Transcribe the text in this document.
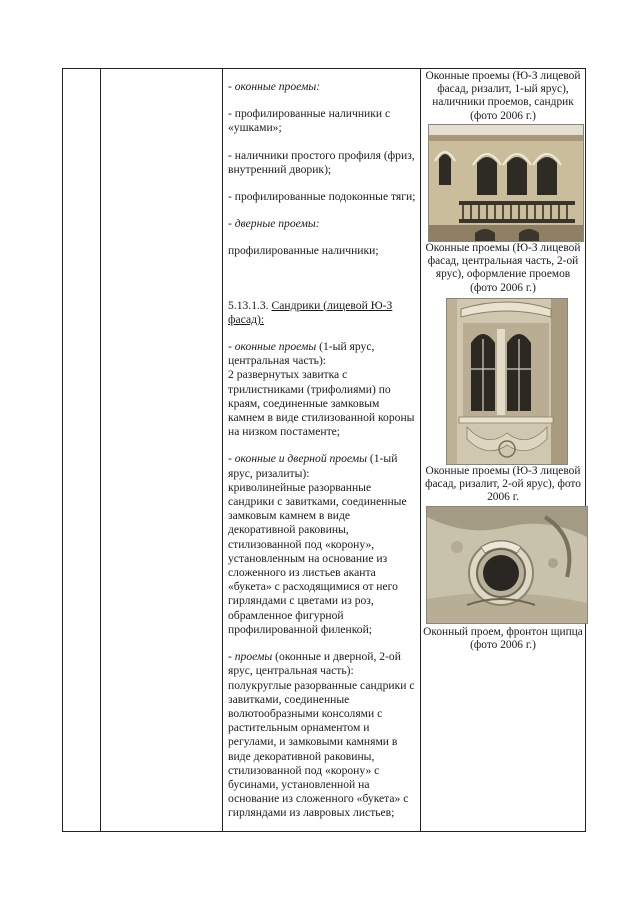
- оконные проемы:

- профилированные наличники с «ушками»;

- наличники простого профиля (фриз, внутренний дворик);

- профилированные подоконные тяги;

- дверные проемы:

профилированные наличники;

5.13.1.3. Сандрики (лицевой Ю-З фасад):

- оконные проемы (1-ый ярус, центральная часть):
2 развернутых завитка с трилистниками (трифолиями) по краям, соединенные замковым камнем в виде стилизованной короны на низком постаменте;

- оконные и дверной проемы (1-ый ярус, ризалиты):
криволинейные разорванные сандрики с завитками, соединенные замковым камнем в виде декоративной раковины, стилизованной под «корону», установленным на основание из сложенного из листьев аканта «букета» с расходящимися от него гирляндами с цветами из роз, обрамленное фигурной профилированной филенкой;

- проемы (оконные и дверной, 2-ой ярус, центральная часть):
полукруглые разорванные сандрики с завитками, соединенные волютообразными консолями с растительным орнаментом и регулами, и замковыми камнями в виде декоративной раковины, стилизованной под «корону» с бусинами, установленной на основание из сложенного «букета» с гирляндами из лавровых листьев;

Оконные проемы (Ю-З лицевой фасад, ризалит, 1-ый ярус), наличники проемов, сандрик (фото 2006 г.)
Оконные проемы (Ю-З лицевой фасад, центральная часть, 2-ой ярус), оформление проемов (фото 2006 г.)
Оконные проемы (Ю-З лицевой фасад, ризалит, 2-ой ярус), фото 2006 г.
Оконный проем, фронтон щипца (фото 2006 г.)
